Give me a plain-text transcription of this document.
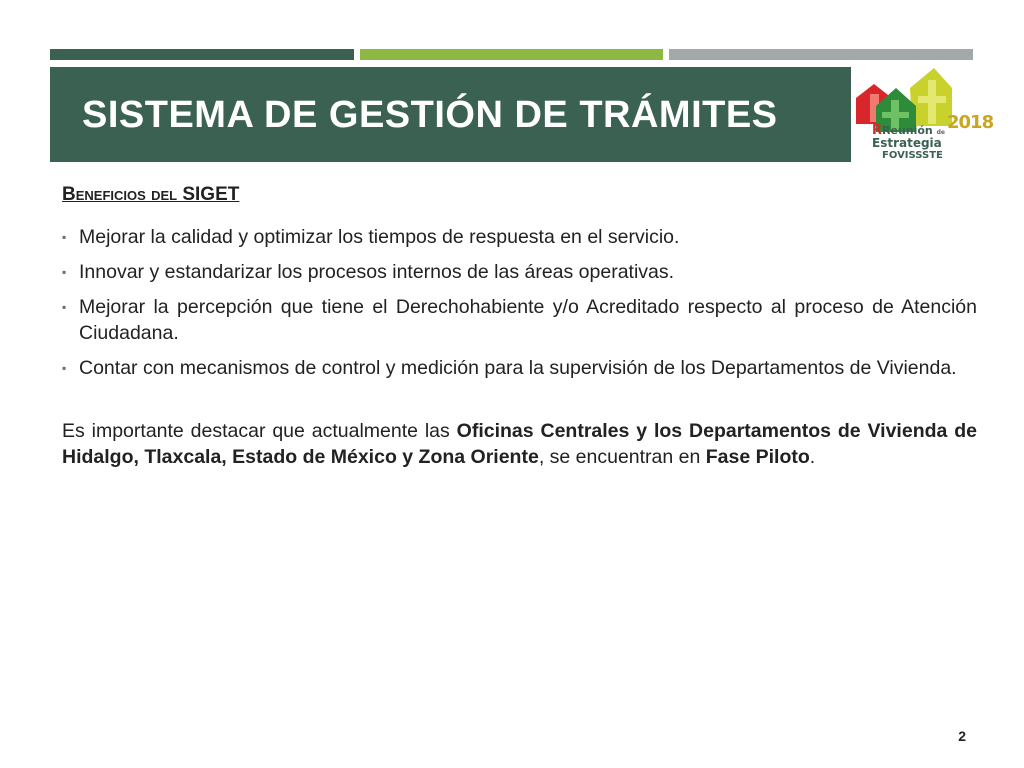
SISTEMA DE GESTIÓN DE TRÁMITES	RReunión de 2018
Estrategia
FOVISSSTE
Beneficios del SIGET
▪ Mejorar la calidad y optimizar los tiempos de respuesta en el servicio.
▪ Innovar y estandarizar los procesos internos de las áreas operativas.
▪ Mejorar la percepción que tiene el Derechohabiente y/o Acreditado respecto al proceso de Atención Ciudadana.
▪ Contar con mecanismos de control y medición para la supervisión de los Departamentos de Vivienda.
Es importante destacar que actualmente las Oficinas Centrales y los Departamentos de Vivienda de Hidalgo, Tlaxcala, Estado de México y Zona Oriente, se encuentran en Fase Piloto.
2
